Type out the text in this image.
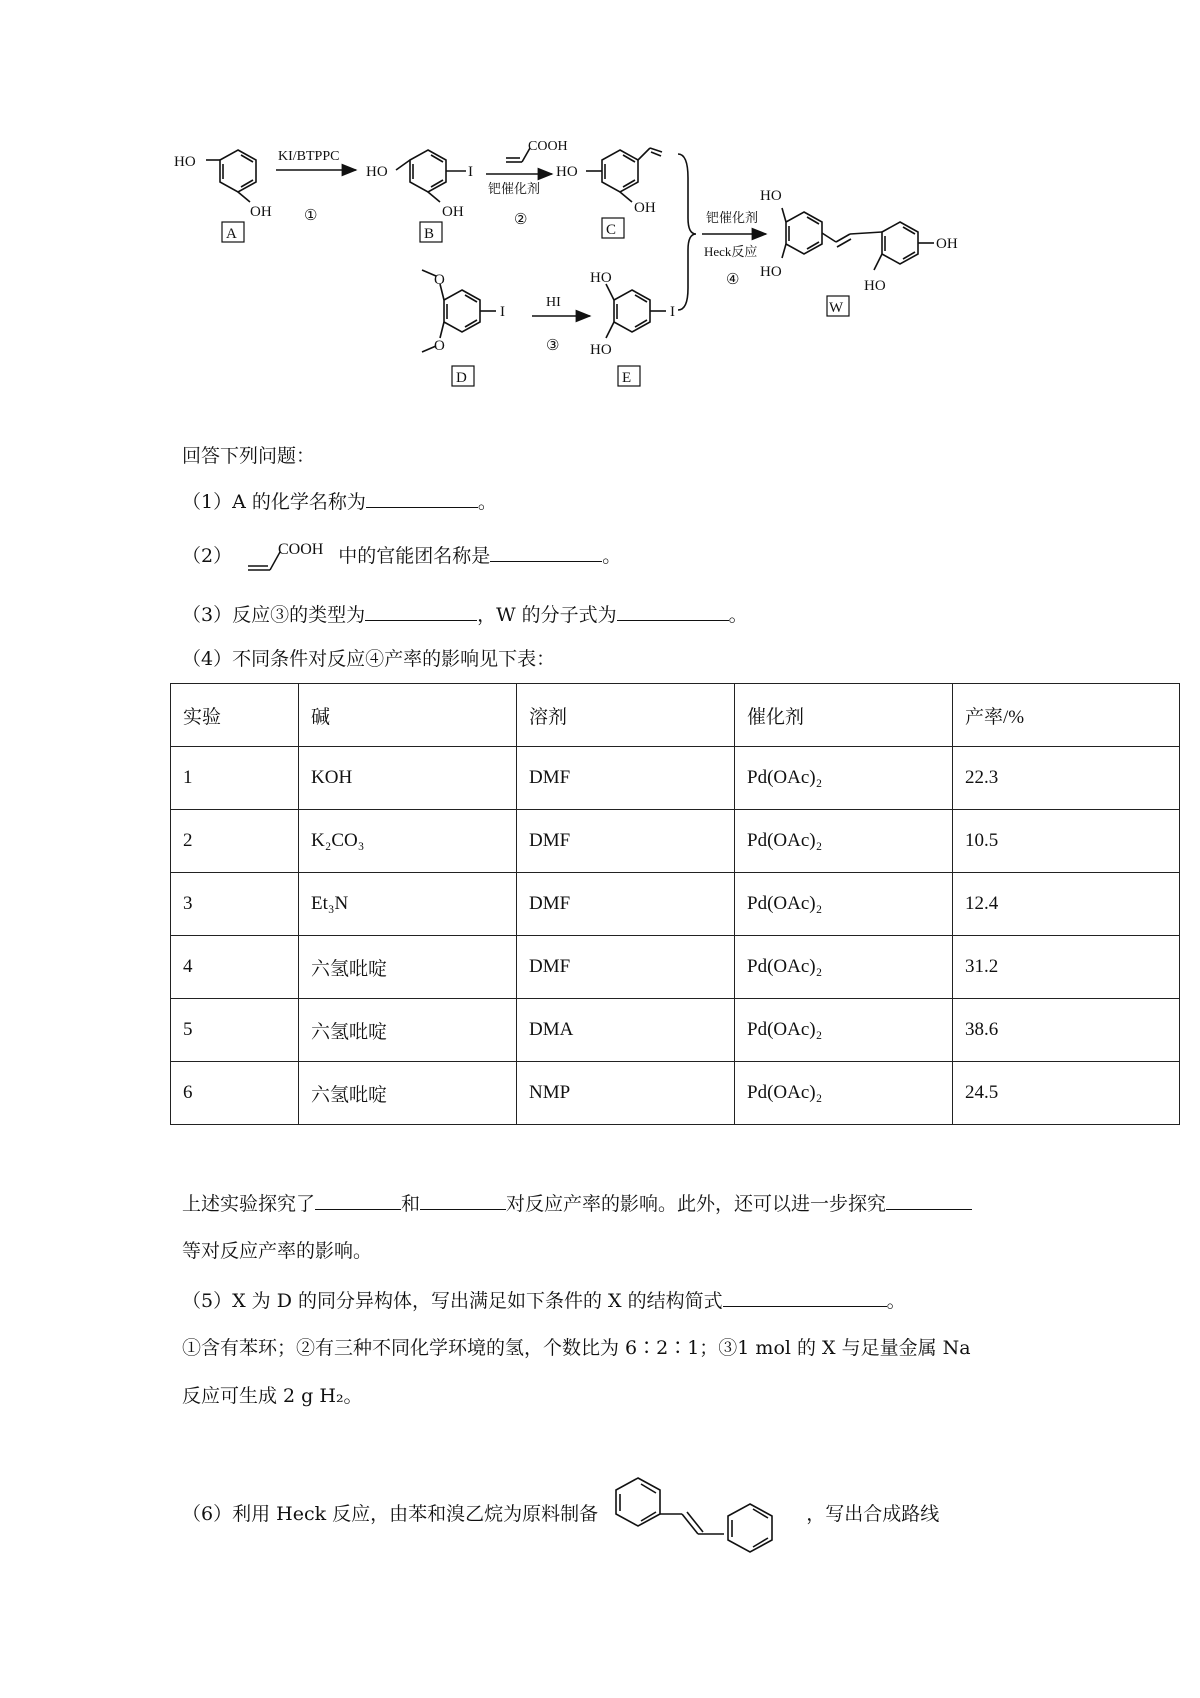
HO
OH
A
KI/BTPPC
①
HO	I
OH
B
COOH
钯催化剂
②
HO
OH
C
O
O
I
D
HI
③
HO
HO
I
E
钯催化剂
Heck反应
④
HO
HO
OH
HO
W
回答下列问题：
（1）A 的化学名称为	。
（2）	COOH 中的官能团名称是	。
（3）反应③的类型为	，W 的分子式为	。
（4）不同条件对反应④产率的影响见下表：
实验	碱	溶剂	催化剂	产率/%
1	KOH	DMF	Pd(OAc)₂	22.3
2	K₂CO₃	DMF	Pd(OAc)₂	10.5
3	Et₃N	DMF	Pd(OAc)₂	12.4
4	六氢吡啶	DMF	Pd(OAc)₂	31.2
5	六氢吡啶	DMA	Pd(OAc)₂	38.6
6	六氢吡啶	NMP	Pd(OAc)₂	24.5
上述实验探究了	和	对反应产率的影响。此外，还可以进一步探究
等对反应产率的影响。
（5）X 为 D 的同分异构体，写出满足如下条件的 X 的结构简式	。
①含有苯环；②有三种不同化学环境的氢，个数比为 6∶2∶1；③1 mol 的 X 与足量金属 Na
反应可生成 2 g H₂。
（6）利用 Heck 反应，由苯和溴乙烷为原料制备	，写出合成路线
